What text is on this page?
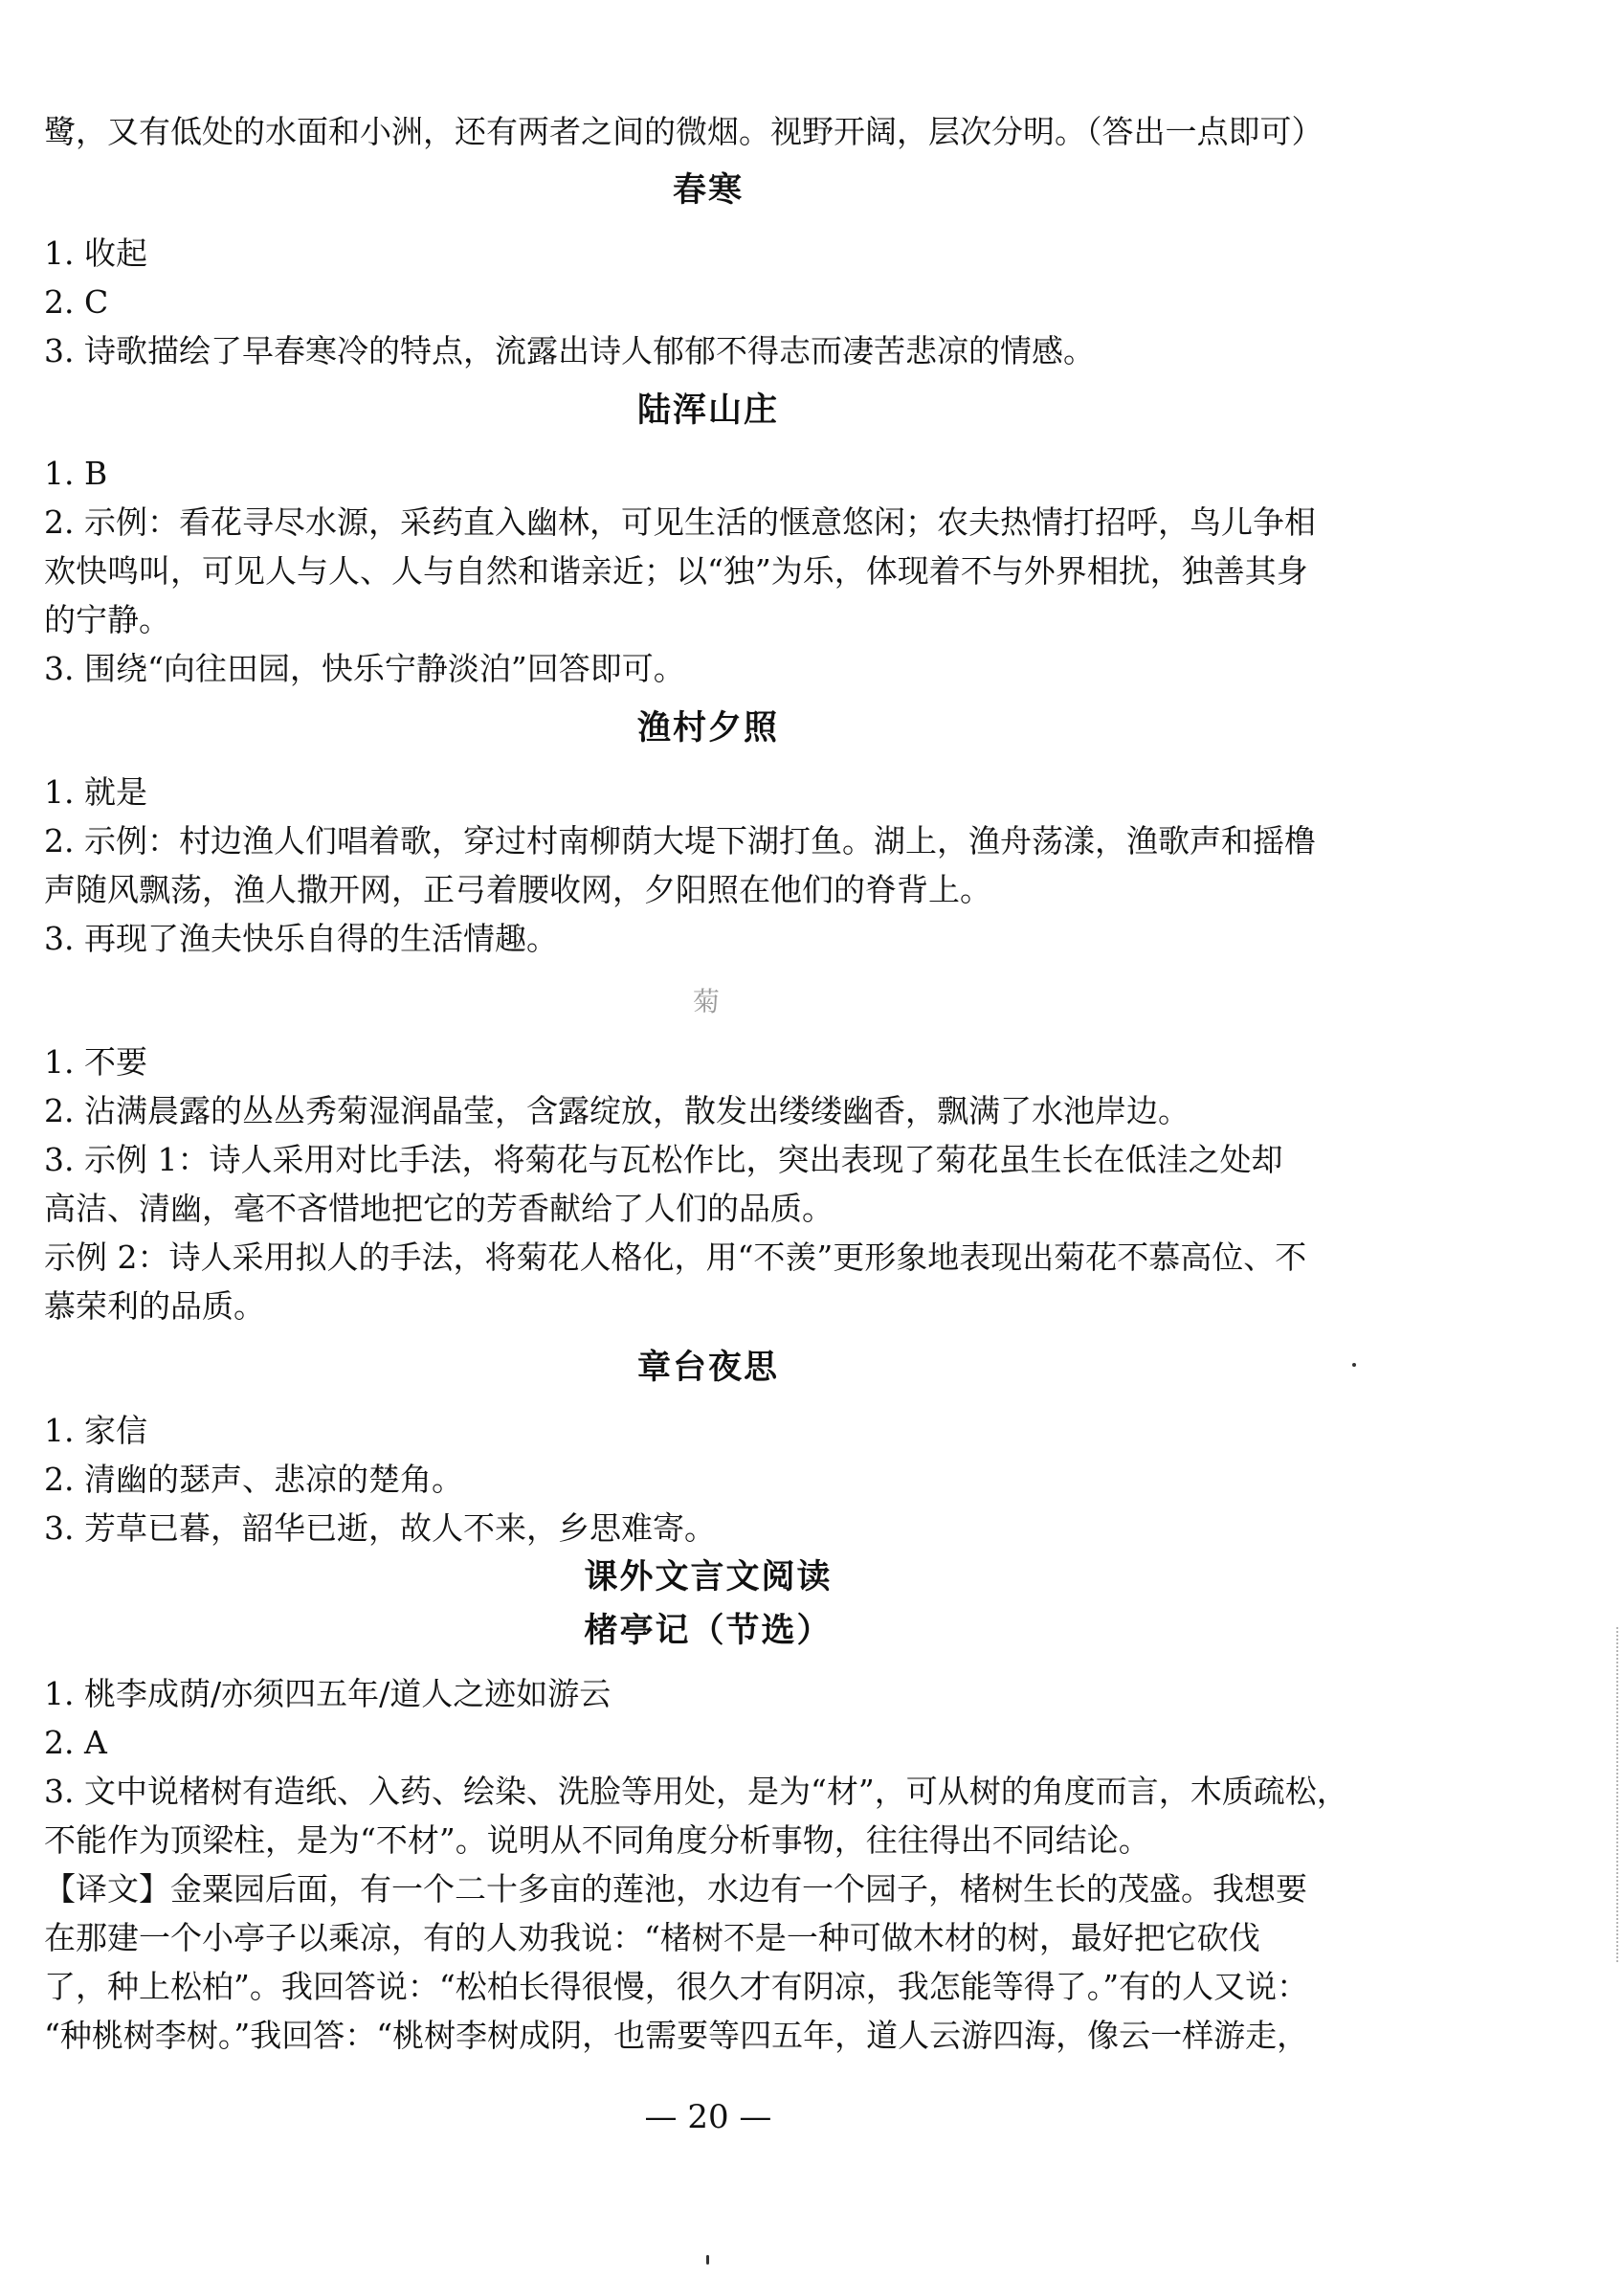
鹭，又有低处的水面和小洲，还有两者之间的微烟。视野开阔，层次分明。（答出一点即可）
春寒
1. 收起
2. C
3. 诗歌描绘了早春寒冷的特点，流露出诗人郁郁不得志而凄苦悲凉的情感。
陆浑山庄
1. B
2. 示例：看花寻尽水源，采药直入幽林，可见生活的惬意悠闲；农夫热情打招呼，鸟儿争相
欢快鸣叫，可见人与人、人与自然和谐亲近；以“独”为乐，体现着不与外界相扰，独善其身
的宁静。
3. 围绕“向往田园，快乐宁静淡泊”回答即可。
渔村夕照
1. 就是
2. 示例：村边渔人们唱着歌，穿过村南柳荫大堤下湖打鱼。湖上，渔舟荡漾，渔歌声和摇橹
声随风飘荡，渔人撒开网，正弓着腰收网，夕阳照在他们的脊背上。
3. 再现了渔夫快乐自得的生活情趣。
菊
1. 不要
2. 沾满晨露的丛丛秀菊湿润晶莹，含露绽放，散发出缕缕幽香，飘满了水池岸边。
3. 示例 1：诗人采用对比手法，将菊花与瓦松作比，突出表现了菊花虽生长在低洼之处却
高洁、清幽，毫不吝惜地把它的芳香献给了人们的品质。
示例 2：诗人采用拟人的手法，将菊花人格化，用“不羡”更形象地表现出菊花不慕高位、不
慕荣利的品质。
章台夜思
1. 家信
2. 清幽的瑟声、悲凉的楚角。
3. 芳草已暮，韶华已逝，故人不来，乡思难寄。
课外文言文阅读
楮亭记（节选）
1. 桃李成荫/亦须四五年/道人之迹如游云
2. A
3. 文中说楮树有造纸、入药、绘染、洗脸等用处，是为“材”，可从树的角度而言，木质疏松，
不能作为顶梁柱，是为“不材”。说明从不同角度分析事物，往往得出不同结论。
【译文】金粟园后面，有一个二十多亩的莲池，水边有一个园子，楮树生长的茂盛。我想要
在那建一个小亭子以乘凉，有的人劝我说：“楮树不是一种可做木材的树，最好把它砍伐
了，种上松柏”。我回答说：“松柏长得很慢，很久才有阴凉，我怎能等得了。”有的人又说：
“种桃树李树。”我回答：“桃树李树成阴，也需要等四五年，道人云游四海，像云一样游走，
— 20 —
